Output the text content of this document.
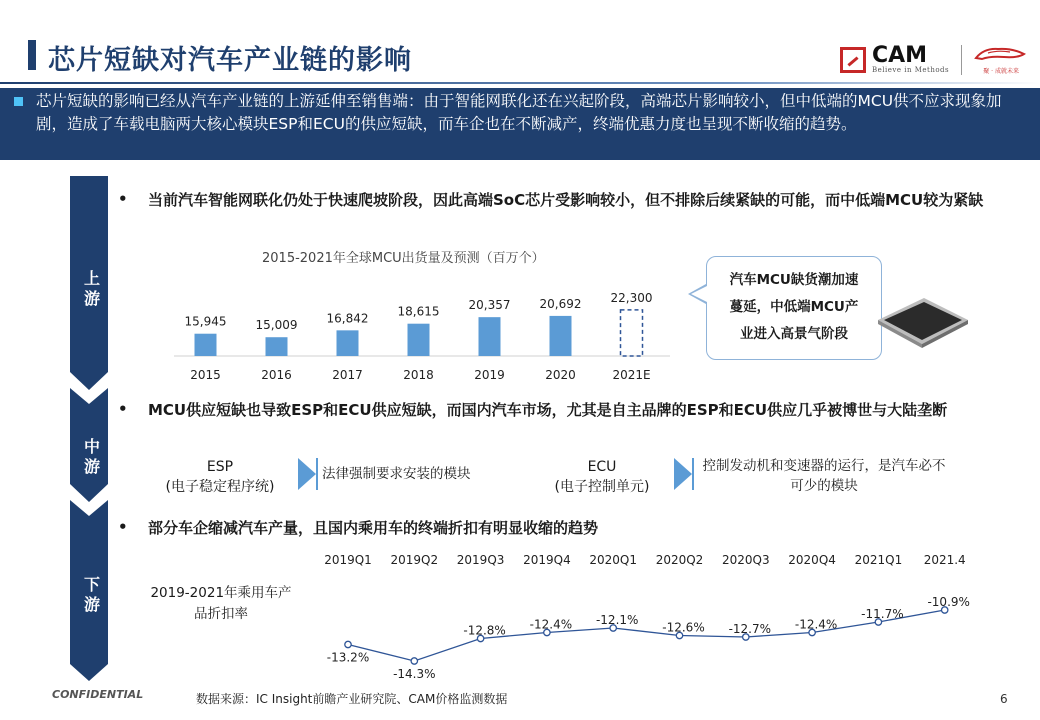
芯片短缺对汽车产业链的影响	CAM
Believe in Methods	聚 · 成就未来
芯片短缺的影响已经从汽车产业链的上游延伸至销售端：由于智能网联化还在兴起阶段，高端芯片影响较小，但中低端的MCU供不应求现象加剧，造成了车载电脑两大核心模块ESP和ECU的供应短缺，而车企也在不断减产，终端优惠力度也呈现不断收缩的趋势。
上游
中游
下游
• 当前汽车智能网联化仍处于快速爬坡阶段，因此高端SoC芯片受影响较小，但不排除后续紧缺的可能，而中低端MCU较为紧缺
2015-2021年全球MCU出货量及预测（百万个）
15,945
2015
15,009
2016
16,842
2017
18,615
2018
20,357
2019
20,692
2020
22,300
2021E
汽车MCU缺货潮加速蔓延，中低端MCU产业进入高景气阶段
• MCU供应短缺也导致ESP和ECU供应短缺，而国内汽车市场，尤其是自主品牌的ESP和ECU供应几乎被博世与大陆垄断
ESP
(电子稳定程序统)
法律强制要求安装的模块	ECU
(电子控制单元)
控制发动机和变速器的运行，是汽车必不可少的模块
• 部分车企缩减汽车产量，且国内乘用车的终端折扣有明显收缩的趋势
2019-2021年乘用车产品折扣率
2019Q1 2019Q2 2019Q3 2019Q4 2020Q1 2020Q2 2020Q3 2020Q4 2021Q1 2021.4
-13.2%
-14.3%
-12.8% -12.4% -12.1%
-12.6% -12.7% -12.4%
-11.7%
-10.9%
CONFIDENTIAL	数据来源：IC Insight前瞻产业研究院、CAM价格监测数据	6
